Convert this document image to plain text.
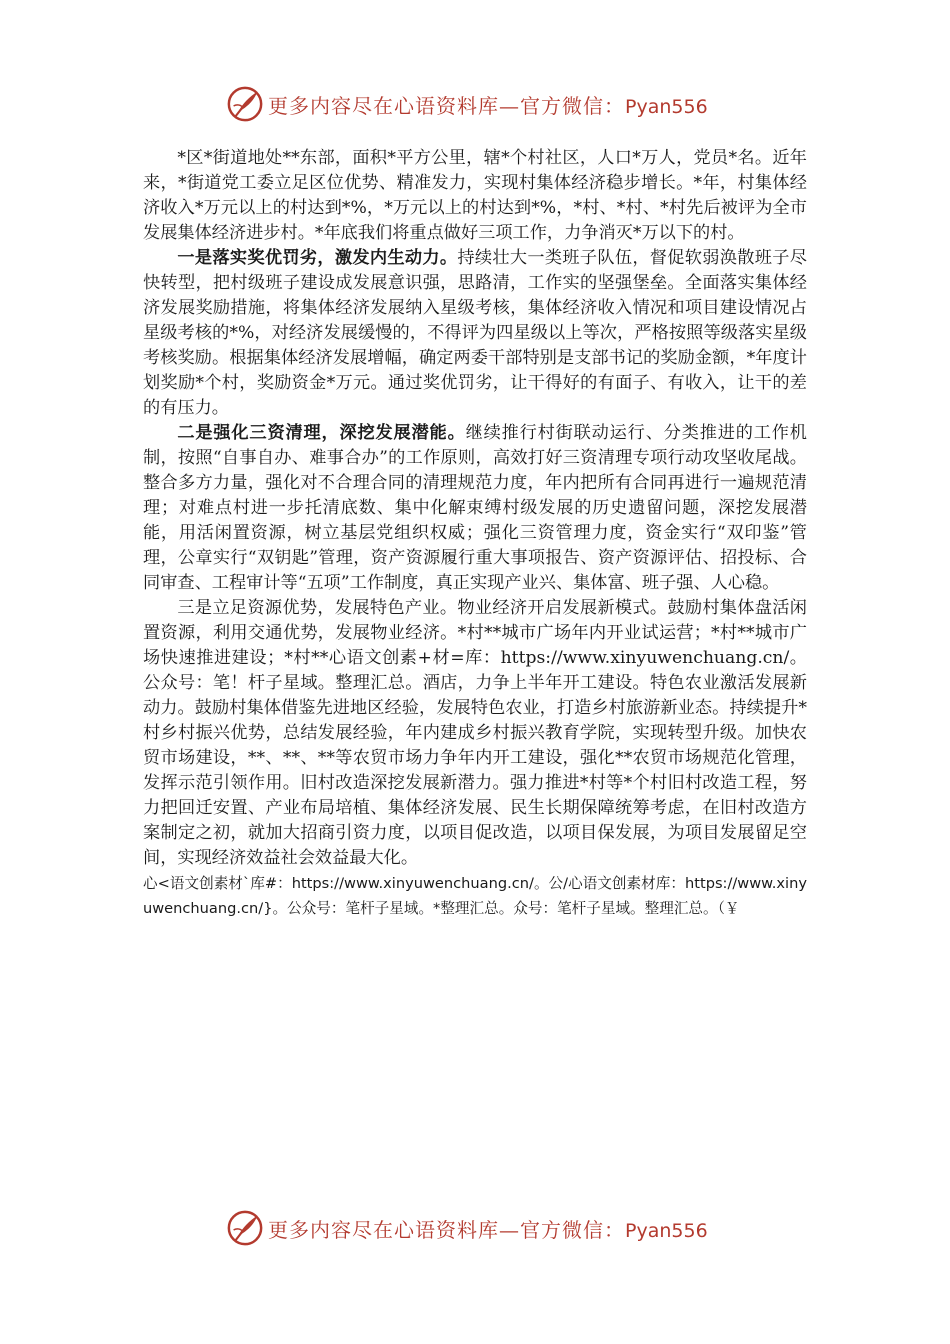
更多内容尽在心语资料库—官方微信：Pyan556

*区*街道地处**东部，面积*平方公里，辖*个村社区，人口*万人，党员*名。近年来，*街道党工委立足区位优势、精准发力，实现村集体经济稳步增长。*年，村集体经济收入*万元以上的村达到*%，*万元以上的村达到*%，*村、*村、*村先后被评为全市发展集体经济进步村。*年底我们将重点做好三项工作，力争消灭*万以下的村。

一是落实奖优罚劣，激发内生动力。持续壮大一类班子队伍，督促软弱涣散班子尽快转型，把村级班子建设成发展意识强，思路清，工作实的坚强堡垒。全面落实集体经济发展奖励措施，将集体经济发展纳入星级考核，集体经济收入情况和项目建设情况占星级考核的*%，对经济发展缓慢的，不得评为四星级以上等次，严格按照等级落实星级考核奖励。根据集体经济发展增幅，确定两委干部特别是支部书记的奖励金额，*年度计划奖励*个村，奖励资金*万元。通过奖优罚劣，让干得好的有面子、有收入，让干的差的有压力。

二是强化三资清理，深挖发展潜能。继续推行村街联动运行、分类推进的工作机制，按照“自事自办、难事合办”的工作原则，高效打好三资清理专项行动攻坚收尾战。整合多方力量，强化对不合理合同的清理规范力度，年内把所有合同再进行一遍规范清理；对难点村进一步托清底数、集中化解束缚村级发展的历史遗留问题，深挖发展潜能，用活闲置资源，树立基层党组织权威；强化三资管理力度，资金实行“双印鉴”管理，公章实行“双钥匙”管理，资产资源履行重大事项报告、资产资源评估、招投标、合同审查、工程审计等“五项”工作制度，真正实现产业兴、集体富、班子强、人心稳。

三是立足资源优势，发展特色产业。物业经济开启发展新模式。鼓励村集体盘活闲置资源，利用交通优势，发展物业经济。*村**城市广场年内开业试运营；*村**城市广场快速推进建设；*村**心语文创素+材=库：https://www.xinyuwenchuang.cn/。公众号：笔！杆子星域。整理汇总。酒店，力争上半年开工建设。特色农业激活发展新动力。鼓励村集体借鉴先进地区经验，发展特色农业，打造乡村旅游新业态。持续提升*村乡村振兴优势，总结发展经验，年内建成乡村振兴教育学院，实现转型升级。加快农贸市场建设，**、**、**等农贸市场力争年内开工建设，强化**农贸市场规范化管理，发挥示范引领作用。旧村改造深挖发展新潜力。强力推进*村等*个村旧村改造工程，努力把回迁安置、产业布局培植、集体经济发展、民生长期保障统筹考虑，在旧村改造方案制定之初，就加大招商引资力度，以项目促改造，以项目保发展，为项目发展留足空间，实现经济效益社会效益最大化。

心<语文创素材`库#：https://www.xinyuwenchuang.cn/。公/心语文创素材库：https://www.xinyuwenchuang.cn/}。公众号：笔杆子星域。*整理汇总。众号：笔杆子星域。整理汇总。（￥

更多内容尽在心语资料库—官方微信：Pyan556
